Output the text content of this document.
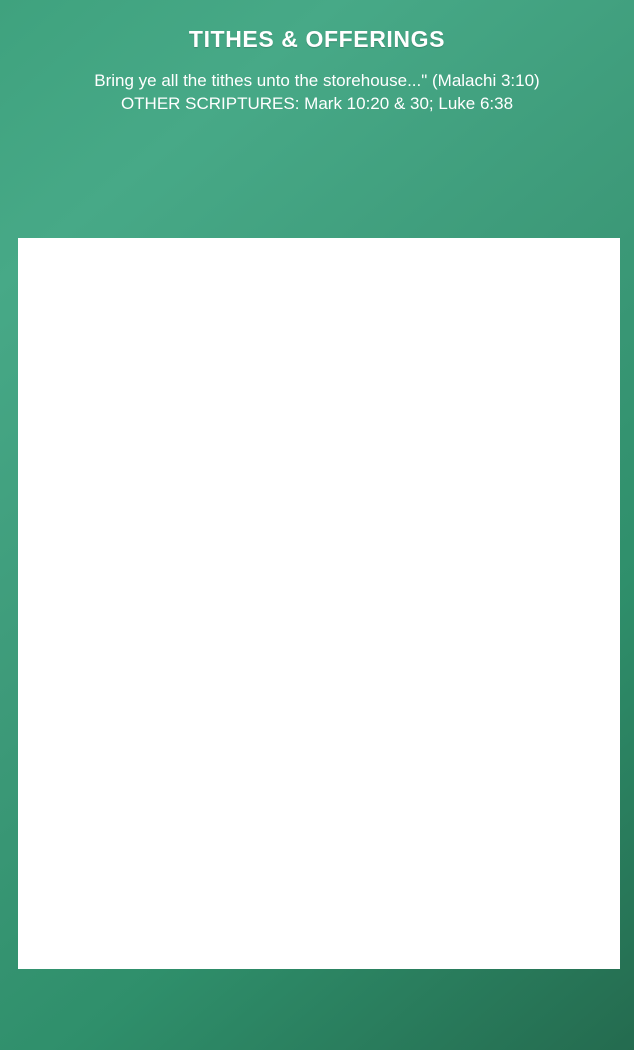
TITHES & OFFERINGS

Bring ye all the tithes unto the storehouse..." (Malachi 3:10)
OTHER SCRIPTURES: Mark 10:20 & 30; Luke 6:38

DATE	GIVEN TO	TITHES OR OFFERING - CK#	AMOUNT	

TOTAL			
